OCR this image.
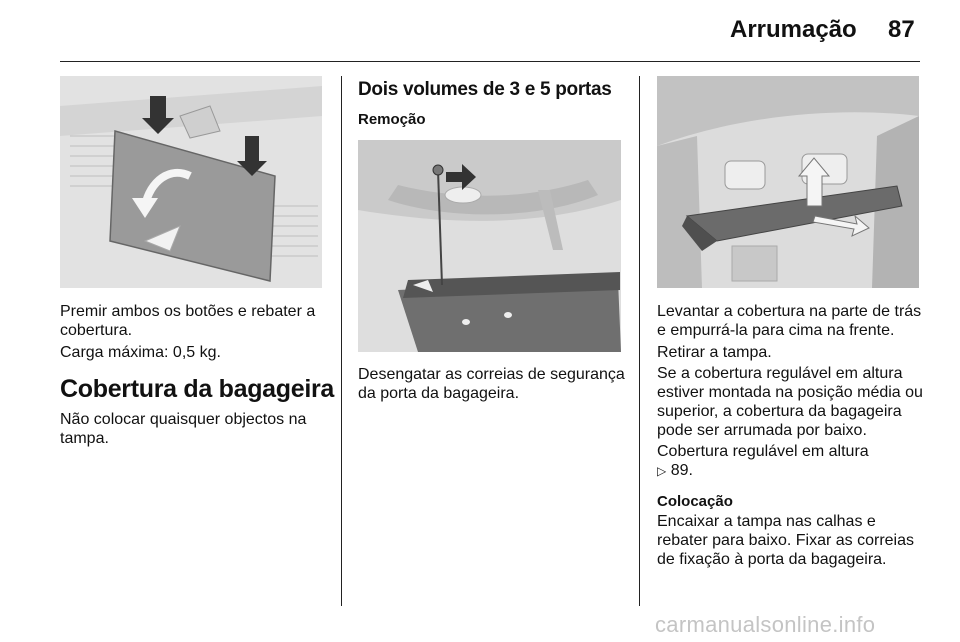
Arrumação 87
Premir ambos os botões e rebater a cobertura.
Carga máxima: 0,5 kg.
Cobertura da bagageira
Não colocar quaisquer objectos na tampa.
Dois volumes de 3 e 5 portas
Remoção
Desengatar as correias de segurança da porta da bagageira.
Levantar a cobertura na parte de trás e empurrá-la para cima na frente.
Retirar a tampa.
Se a cobertura regulável em altura estiver montada na posição média ou superior, a cobertura da bagageira pode ser arrumada por baixo.
Cobertura regulável em altura
▷ 89.
Colocação
Encaixar a tampa nas calhas e rebater para baixo. Fixar as correias de fixação à porta da bagageira.
carmanualsonline.info
